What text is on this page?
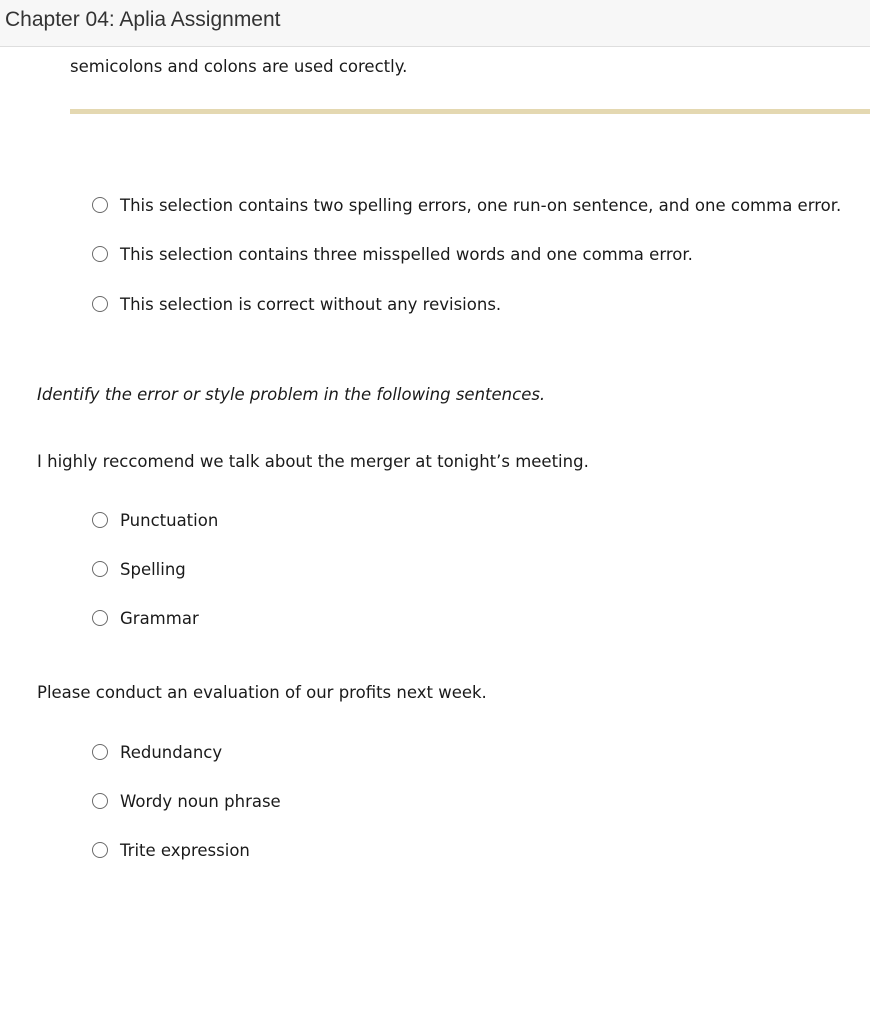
Chapter 04: Aplia Assignment
semicolons and colons are used corectly.
This selection contains two spelling errors, one run-on sentence, and one comma error.
This selection contains three misspelled words and one comma error.
This selection is correct without any revisions.
Identify the error or style problem in the following sentences.
I highly reccomend we talk about the merger at tonight’s meeting.
Punctuation
Spelling
Grammar
Please conduct an evaluation of our profits next week.
Redundancy
Wordy noun phrase
Trite expression
